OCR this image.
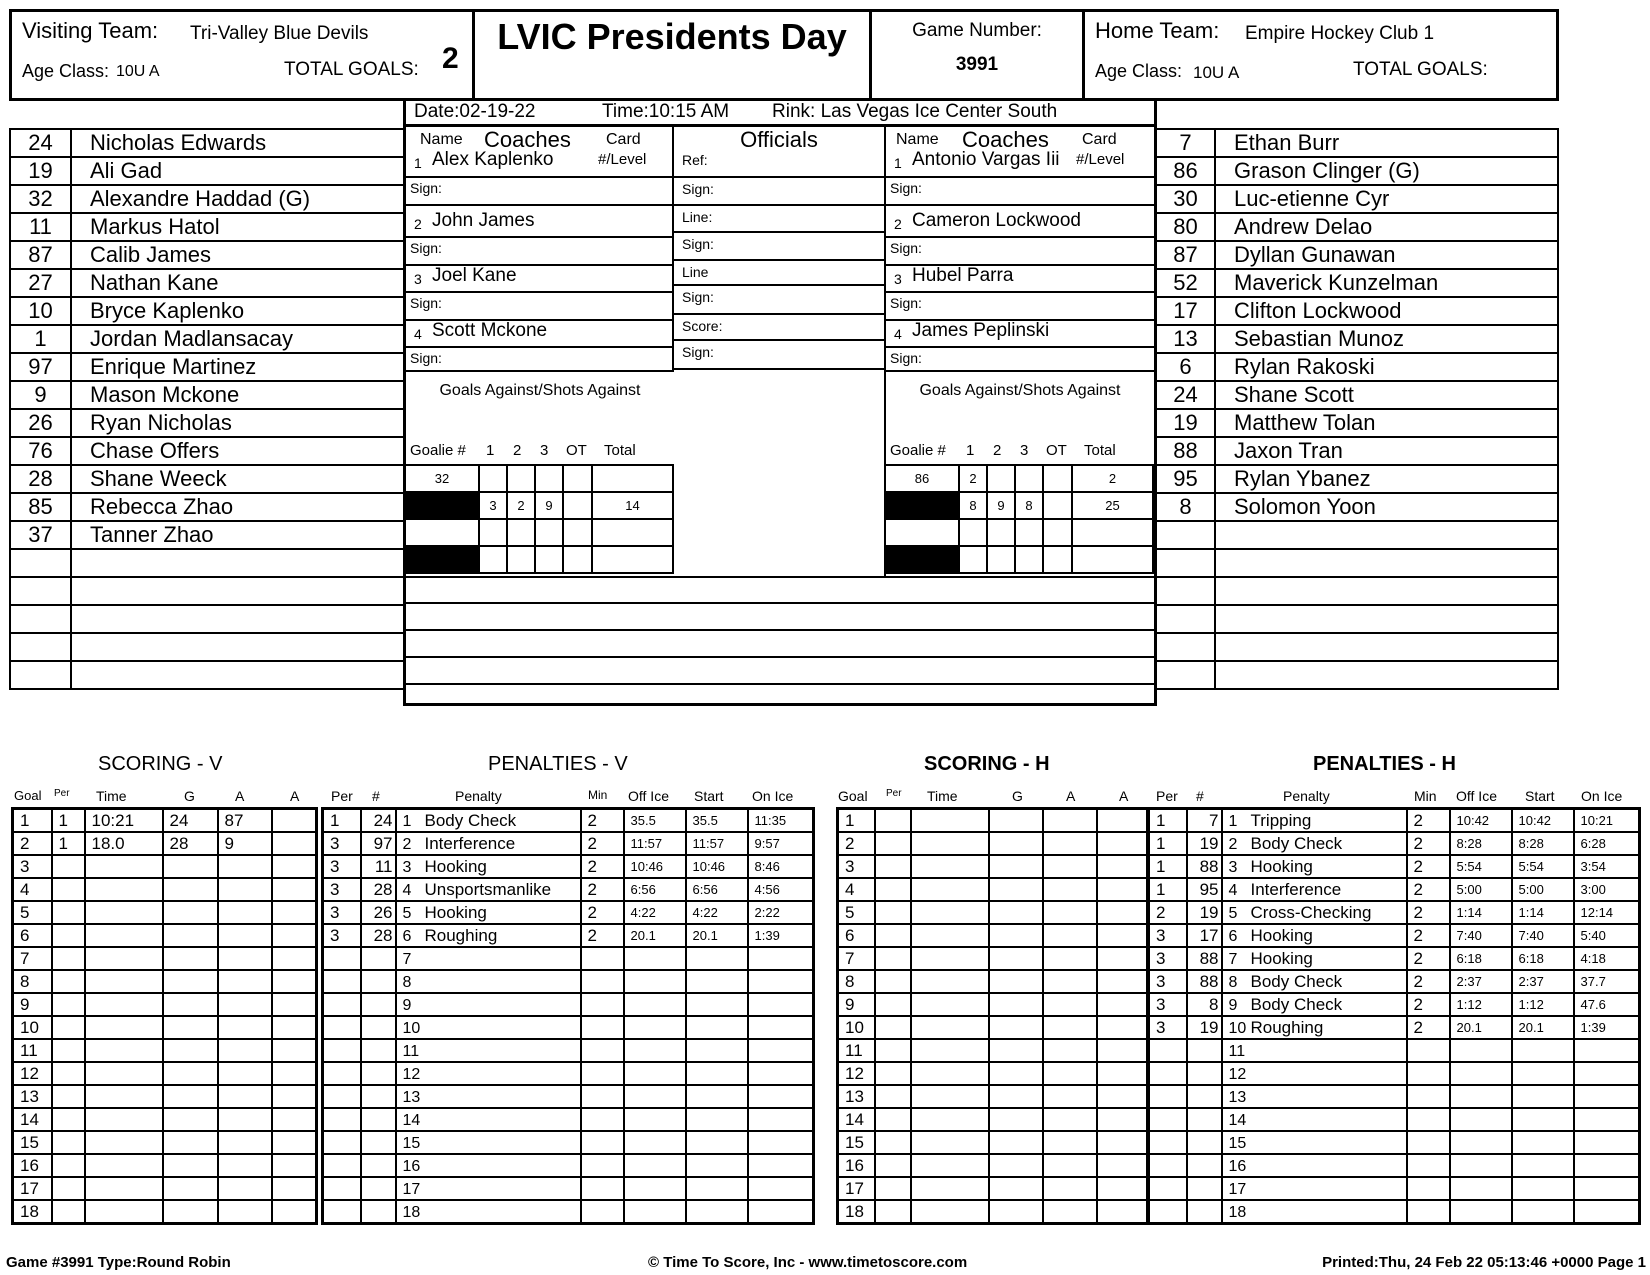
Visiting Team: Tri-Valley Blue Devils
Age Class: 10U A	TOTAL GOALS: 2
LVIC Presidents Day	Game Number:
3991
Home Team: Empire Hockey Club 1
Age Class: 10U A	TOTAL GOALS:
Date:02-19-22	Time:10:15 AM Rink: Las Vegas Ice Center South
24	Nicholas Edwards
19	Ali Gad
32	Alexandre Haddad (G)
11	Markus Hatol
87	Calib James
27	Nathan Kane
10	Bryce Kaplenko
1	Jordan Madlansacay
97	Enrique Martinez
9	Mason Mckone
26	Ryan Nicholas
76	Chase Offers
28	Shane Weeck
85	Rebecca Zhao
37	Tanner Zhao

7	Ethan Burr
86	Grason Clinger (G)
30	Luc-etienne Cyr
80	Andrew Delao
87	Dyllan Gunawan
52	Maverick Kunzelman
17	Clifton Lockwood
13	Sebastian Munoz
6	Rylan Rakoski
24	Shane Scott
19	Matthew Tolan
88	Jaxon Tran
95	Rylan Ybanez
8	Solomon Yoon

Name Coaches Card
#/Level
1 Alex Kaplenko
Sign:
2 John James
Sign:
3 Joel Kane
Sign:
4 Scott Mckone
Sign:
Officials
Ref:
Sign:
Line:
Sign:
Line
Sign:
Score:
Sign:
Name Coaches Card
#/Level
1 Antonio Vargas Iii
Sign:
2 Cameron Lockwood
Sign:
3 Hubel Parra
Sign:
4 James Peplinski
Sign:
Goals Against/Shots Against
Goalie # 1 2 3 OT Total
32					
	3	2	9		14

Goals Against/Shots Against
Goalie # 1 2 3 OT Total
86	2				2
	8	9	8		25

SCORING - V	PENALTIES - V	SCORING - H	PENALTIES - H
Goal Per Time	G	A	A Per #	Penalty	Min Off Ice Start On Ice	Goal Per Time	G	A	A Per #	Penalty	Min Off Ice Start On Ice
1	1	10:21	24	87	
2	1	18.0	28	9	
3					
4					
5					
6					
7					
8					
9					
10					
11					
12					
13					
14					
15					
16					
17					
18					
1	24	1 Body Check	2	35.5	35.5	11:35
3	97	2 Interference	2	11:57	11:57	9:57
3	11	3 Hooking	2	10:46	10:46	8:46
3	28	4 Unsportsmanlike	2	6:56	6:56	4:56
3	26	5 Hooking	2	4:22	4:22	2:22
3	28	6 Roughing	2	20.1	20.1	1:39
		7				
		8				
		9				
		10				
		11				
		12				
		13				
		14				
		15				
		16				
		17				
		18				
1					
2					
3					
4					
5					
6					
7					
8					
9					
10					
11					
12					
13					
14					
15					
16					
17					
18					
1	7	1 Tripping	2	10:42	10:42	10:21
1	19	2 Body Check	2	8:28	8:28	6:28
1	88	3 Hooking	2	5:54	5:54	3:54
1	95	4 Interference	2	5:00	5:00	3:00
2	19	5 Cross-Checking	2	1:14	1:14	12:14
3	17	6 Hooking	2	7:40	7:40	5:40
3	88	7 Hooking	2	6:18	6:18	4:18
3	88	8 Body Check	2	2:37	2:37	37.7
3	8	9 Body Check	2	1:12	1:12	47.6
3	19	10 Roughing	2	20.1	20.1	1:39
		11				
		12				
		13				
		14				
		15				
		16				
		17				
		18				
Game #3991 Type:Round Robin	© Time To Score, Inc - www.timetoscore.com	Printed:Thu, 24 Feb 22 05:13:46 +0000 Page 1
